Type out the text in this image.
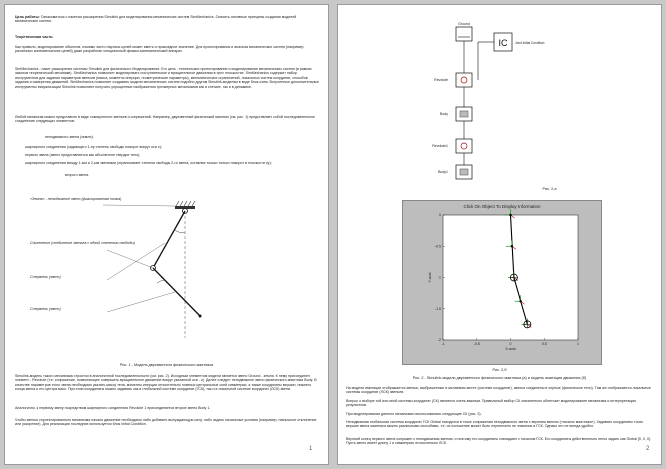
Цель работы: Ознакомиться с пакетом расширения Simulink для моделирования механических систем SimMechanics. Освоить основные принципы создания моделей механических систем.
Теоретическая часть:
Как правило, моделирование объектов, помимо чисто научных целей может иметь и прикладное значение. Для проектирования и анализа механических систем (например, различных кинематических цепей) даже разработан специальный физико-математический аппарат.
SimMechanics - пакет расширения системы Simulink для физического Моделирования. Его цель - технические проектирование и моделирование механических систем (в рамках законов теоретической механики). SimMechanics позволяет моделировать поступательное и вращательное движения в трех плоскостях. SimMechanics содержит набор инструментов для задания параметров звеньев (масса, моменты инерции, геометрические параметры), кинематических ограничений, локальных систем координат, способов задания и измерения движений. SimMechanics позволяет создавать модели механических систем подобно другим Simulink-моделям в виде блок-схем. Встроенные дополнительные инструменты визуализации Simulink позволяют получить упрощенные изображения трехмерных механизмов как в статике, так и в динамике.
Любой механизм можно представить в виде совокупности звеньев и сопряжений. Например, двухзвенный физический маятник (см. рис. 1) представляет собой последовательное соединение следующих элементов:
неподвижного звена (земли);
шарнирного соединения (задающего 1-ну степень свободы поворот вокруг оси z);
первого звена (звено представляется как абсолютное твердое тело);
шарнирного соединения между 1-ым и 2-ым звеньями (ограничивает степени свободы 2-го звена, оставляя только только поворот в плоскости xy);
второго звена.
«Земля» - неподвижное звено (фиксированная точка)
Сочленение (соединение звеньев с одной степенью свободы)
Стержень (звено)
Стержень (звено)
Рис. 1 - Модель двухзвенного физического маятника
Simulink-модель такого механизма строится в аналогичной последовательности (см. рис. 2). Исходным элементом модели является звено Ground - земля. К нему присоединен элемент - Revolute (т.е. сопряжение, позволяющее совершать вращательное движение вокруг указанной оси - z). Далее следует неподвижное звено физического маятника Body. В качестве параметров этого звена необходимо указать массу тела, моменты инерции относительно главных центральных осей симметрии, а также координаты вершин, нижнего конца звена и его центра масс. При этом координаты можно задавать как в глобальной системе координат (ГСК), так и в локальной системе координат (ЛСК) звена.
Аналогично, к первому звену посредством шарнирного соединения Revolute 1 присоединяется второе звено Body 1.
Чтобы звенья спроектированного механизма начали движение необходимо либо добавить вынуждающую силу, либо задать начальные условия (например, начальное отклонение или ускорение). Для реализации последних используется блок Initial Condition.
1
Ground
IC Joint Initial Condition
Revolute
Body
Revolute1
Body1
Рис. 2,а
Click On Object To Display Information
-1	-0.5	0	0.5	1
0
-0.5
-1
-1.5
-2
X-axis
Y-axis
Рис. 2,б
Рис. 2 - Simulink-модель двухзвенного физического маятника (а) и модель имитации движения (б)
На модели имитации отображается звенья, изображенные в желаемом месте (системе координат), звенья соединены в черные (физическое тело). Там же отображаются локальные системы координат (ЛСК) звеньев.
Вопрос о выборе той или иной системы координат (СК) является очень важным. Правильный выбор СК значительно облегчает моделирование механизма и интерпретацию результатов.
При моделировании данного механизма использовались следующие СК (рис. 3).
Неподвижная глобальная система координат ГСК Global находится в точке сопряжения неподвижного звена с верхним звеном («начало маятника»). Задавать координаты точек вершин звена маятника можно различными способами, т.е. их положение может быть перенесено не значения в ГСК. Однако это не всегда удобно.
Верхний конец первого звена сопряжен с неподвижным звеном, и поэтому его координаты совпадают с началом ГСК. Его координаты действительно легко задать как Global [0, 0, 0]. Пусть звено имеет длину 1 и симметрию относительно ЛСК.
2
